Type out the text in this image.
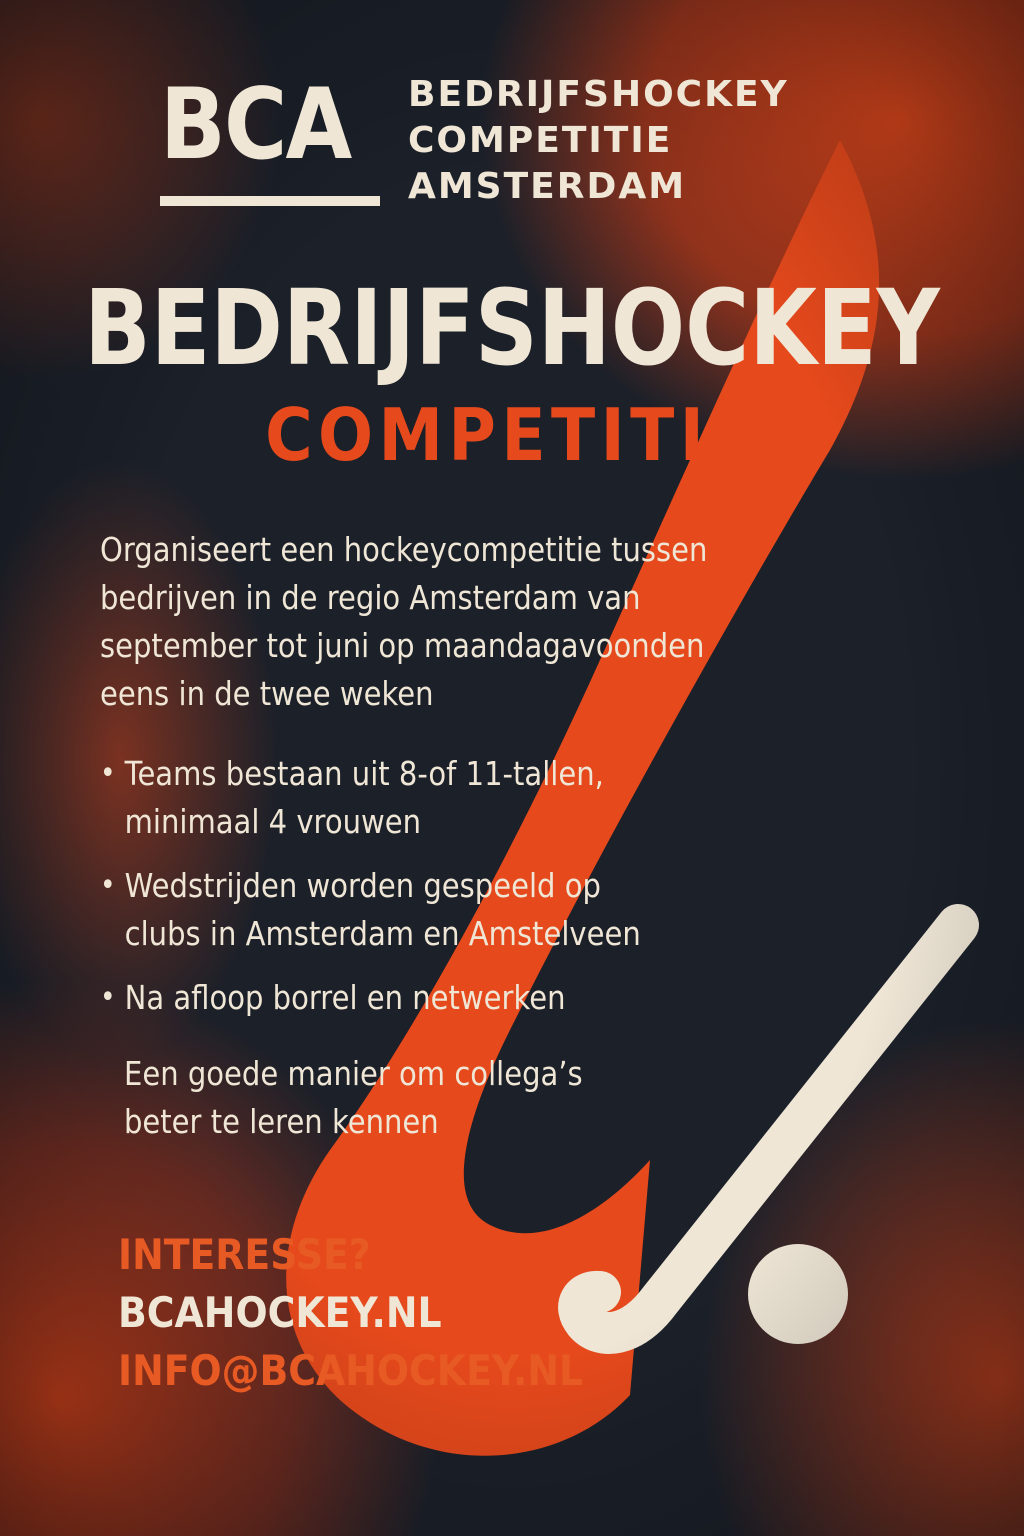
BCA BEDRIJFSHOCKEY
COMPETITIE
AMSTERDAM
BEDRIJFSHOCKEY
COMPETITIE
Organiseert een hockeycompetitie tussen
bedrijven in de regio Amsterdam van
september tot juni op maandagavoonden
eens in de twee weken
• Teams bestaan uit 8-of 11-tallen,
minimaal 4 vrouwen
• Wedstrijden worden gespeeld op
clubs in Amsterdam en Amstelveen
• Na afloop borrel en netwerken
Een goede manier om collega’s
beter te leren kennen
INTERESSE?
BCAHOCKEY.NL
INFO@BCAHOCKEY.NL
